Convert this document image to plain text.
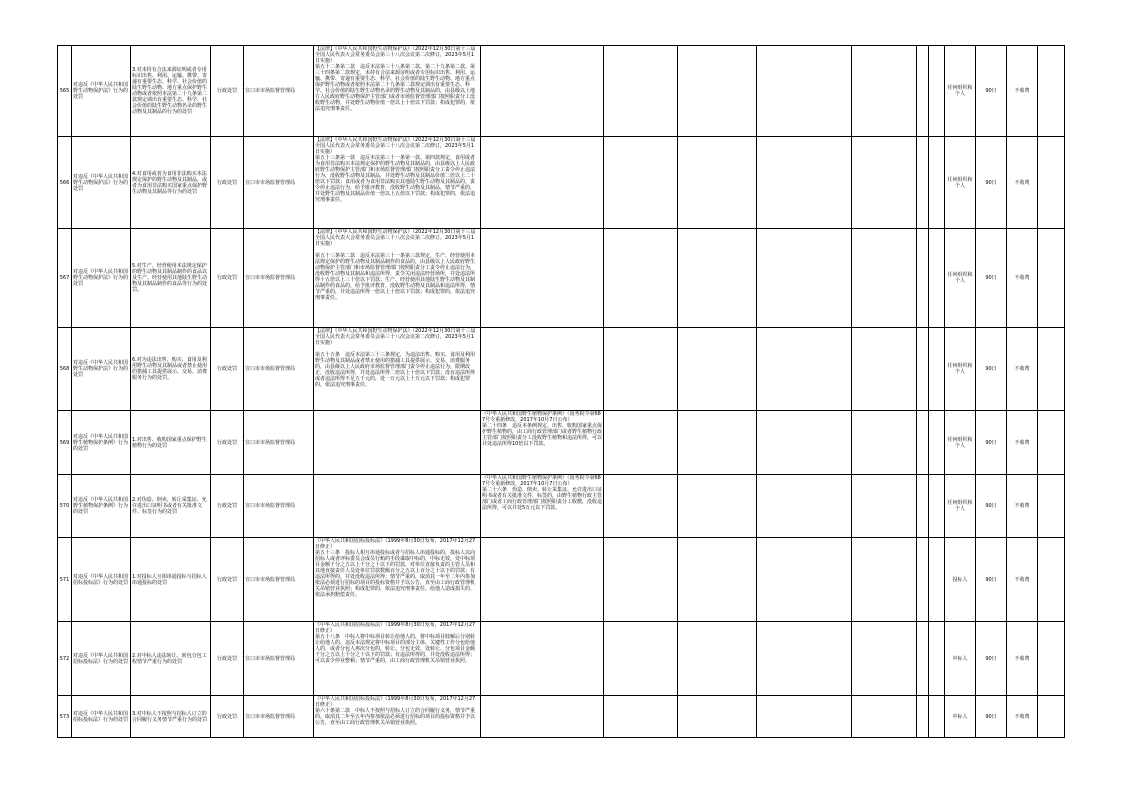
565	对违反《中华人民共和国野生动物保护法》行为的处罚	3.对未持有合法来源证明或者专用标识出售、利用、运输、携带、寄递有重要生态、科学、社会价值的陆生野生动物、地方重点保护野生动物或者依照本法第二十九条第二款规定调出有重要生态、科学、社会价值的陆生野生动物名录的野生动物及其制品的行为的处罚	行政处罚	宣口市市场监督管理局	【法律】《中华人民共和国野生动物保护法》（2022年12月30日第十三届全国人民代表大会常务委员会第三十八次会议第二次修订，2023年5月1日实施）
第五十二条第二款　违反本法第三十八条第二款、第二十九条第二款、第三十四条第二款规定，未持有合法来源证明或者专用标识出售、利用、运输、携带、寄递有重要生态、科学、社会价值的陆生野生动物、地方重点保护野生动物或者依照本法第二十九条第二款规定调出有重要生态、科学、社会价值的陆生野生动物名录的野生动物及其制品的，由县级以上地方人民政府野生动物保护主管部门或者市场监督管理部门按照职责分工没收野生动物，并处野生动物价值一倍以上十倍以下罚款；构成犯罪的，依法追究刑事责任。								任何组织和个人	90日	不收费	
566	对违反《中华人民共和国野生动物保护法》行为的处罚	4.对食用或者为食用非法购买本法规定保护的野生动物及其制品，或者为食用非法购买国家重点保护野生动物及其制品等行为的处罚	行政处罚	宣口市市场监督管理局	【法律】《中华人民共和国野生动物保护法》（2022年12月30日第十三届全国人民代表大会常务委员会第三十八次会议第二次修订，2023年5月1日实施）
第五十三条第一款　违反本法第三十一条第一款、第四款规定，食用或者为食用非法购买本法规定保护的野生动物及其制品的，由县级以上人民政府野生动物保护主管部门和市场监督管理部门按照职责分工责令停止违法行为，没收野生动物及其制品，并处野生动物及其制品价值二倍以上二十倍以下罚款；食用或者为食用非法购买其他陆生野生动物及其制品的，责令停止违法行为，给予批评教育，没收野生动物及其制品，情节严重的，并处野生动物及其制品价值一倍以上五倍以下罚款；构成犯罪的，依法追究刑事责任。								任何组织和个人	90日	不收费	
567	对违反《中华人民共和国野生动物保护法》行为的处罚	5.对生产、经营使用本法规定保护的野生动物及其制品制作的食品以及生产、经营使用其他陆生野生动物及其制品制作的食品等行为的处罚。	行政处罚	宣口市市场监督管理局	【法律】《中华人民共和国野生动物保护法》（2022年12月30日第十三届全国人民代表大会常务委员会第三十八次会议第二次修订，2023年5月1日实施）

第五十三条第二款　违反本法第三十一条第三款规定，生产、经营使用本法规定保护的野生动物及其制品制作的食品的，由县级以上人民政府野生动物保护主管部门和市场监督管理部门按照职责分工责令停止违法行为，没收野生动物及其制品和违法所得，责令关闭违法经营场所，并处违法所得十五倍以上三十倍以下罚款；生产、经营使用其他陆生野生动物及其制品制作的食品的，给予批评教育，没收野生动物及其制品和违法所得，情节严重的，并处违法所得一倍以上十倍以下罚款；构成犯罪的，依法追究刑事责任。								任何组织和个人	90日	不收费	
568	对违反《中华人民共和国野生动物保护法》行为的处罚	6.对为违法出售、购买、食用及利用野生动物及其制品或者禁止使用的猎捕工具提供展示、交易、消费服务行为的处罚。	行政处罚	宣口市市场监督管理局	【法律】《中华人民共和国野生动物保护法》（2022年12月30日第十三届全国人民代表大会常务委员会第三十八次会议第二次修订，2023年5月1日实施）

第五十五条　违反本法第三十三条规定，为违法出售、购买、食用及利用野生动物及其制品或者禁止使用的猎捕工具提供展示、交易、消费服务的，由县级以上人民政府市场监督管理部门责令停止违法行为，限期改正，没收违法所得，并处违法所得二倍以上十倍以下罚款；没有违法所得或者违法所得不足五千元的，处一万元以上十万元以下罚款；构成犯罪的，依法追究刑事责任。								任何组织和个人	90日	不收费	
569	对违反《中华人民共和国野生植物保护条例》行为的处罚	1.对出售、收购国家重点保护野生植物行为的处罚	行政处罚	宣口市市场监督管理局		《中华人民共和国野生植物保护条例》（国务院令第687号令重新修改，2017年10月7日公布）
第二十四条　违反本条例规定，出售、收购国家重点保护野生植物的，由工商行政管理部门或者野生植物行政主管部门按照职责分工没收野生植物和违法所得，可以并处违法所得10倍以下罚款。							任何组织和个人	90日	不收费	
570	对违反《中华人民共和国野生植物保护条例》行为的处罚	2.对伪造、倒卖、转让采集证、允许进出口证明书或者有关批准文件、标签行为的处罚	行政处罚	宣口市市场监督管理局		《中华人民共和国野生植物保护条例》（国务院令第687号令重新修改，2017年10月7日公布）
第二十六条　伪造、倒卖、转让采集证、允许进出口证明书或者有关批准文件、标签的，由野生植物行政主管部门或者工商行政管理部门按照职责分工收缴，没收违法所得，可以并处5万元以下罚款。							任何组织和个人	90日	不收费	
571	对违反《中华人民共和国招标投标法》行为的处罚	1.对投标人互相串通投标与招标人串通投标的处罚	行政处罚	宣口市市场监督管理局	《中华人民共和国招标投标法》（1999年8月30日发布，2017年12月27日修正）
第五十三条　投标人相互串通投标或者与招标人串通投标的，投标人以向招标人或者评标委员会成员行贿的手段谋取中标的，中标无效，处中标项目金额千分之五以上千分之十以下的罚款，对单位直接负责的主管人员和其他直接责任人员处单位罚款数额百分之五以上百分之十以下的罚款；有违法所得的，并处没收违法所得；情节严重的，取消其一年至二年内参加依法必须进行招标的项目的投标资格并予以公告，直至由工商行政管理机关吊销营业执照；构成犯罪的，依法追究刑事责任。给他人造成损失的，依法承担赔偿责任。								投标人	90日	不收费	
572	对违反《中华人民共和国招标投标法》行为的处罚	2.对中标人违法转让、转包分包工程情节严重行为的处罚	行政处罚	宣口市市场监督管理局	《中华人民共和国招标投标法》（1999年8月30日发布，2017年12月27日修正）
第五十八条　中标人将中标项目转让给他人的，将中标项目肢解后分别转让给他人的，违反本法规定将中标项目的部分主体、关键性工作分包给他人的，或者分包人再次分包的，转让、分包无效，处转让、分包项目金额千分之五以上千分之十以下的罚款；有违法所得的，并处没收违法所得；可以责令停业整顿；情节严重的，由工商行政管理机关吊销营业执照。								中标人	90日	不收费	
573	对违反《中华人民共和国招标投标法》行为的处罚	3.对中标人不按照与招标人订立的合同履行义务情节严重行为的处罚	行政处罚	宣口市市场监督管理局	《中华人民共和国招标投标法》（1999年8月30日发布，2017年12月27日修正）
第六十条第二款　中标人不按照与招标人订立的合同履行义务，情节严重的，取消其二年至五年内参加依法必须进行招标的项目的投标资格并予以公告，直至由工商行政管理机关吊销营业执照。								中标人	90日	不收费	
